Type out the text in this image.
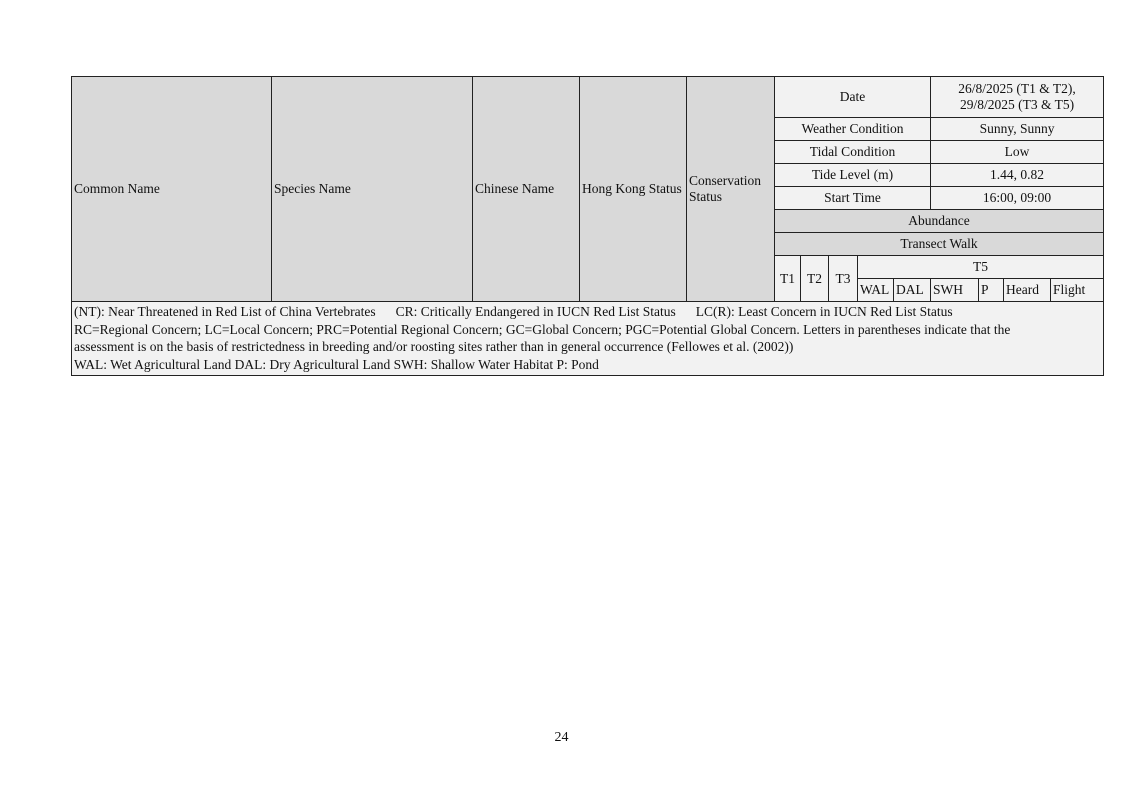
Common Name	Species Name	Chinese Name	Hong Kong Status	Conservation Status	Date					26/8/2025 (T1 & T2),
29/8/2025 (T3 & T5)			
					Weather Condition					Sunny, Sunny			
					Tidal Condition					Low			
					Tide Level (m)					1.44, 0.82			
					Start Time					16:00, 09:00			
					Abundance								
					Transect Walk								
					T1	T2	T3	T5					
								WAL	DAL	SWH	P	Heard	Flight

(NT): Near Threatened in Red List of China Vertebrates CR: Critically Endangered in IUCN Red List Status LC(R): Least Concern in IUCN Red List Status
RC=Regional Concern; LC=Local Concern; PRC=Potential Regional Concern; GC=Global Concern; PGC=Potential Global Concern. Letters in parentheses indicate that the
assessment is on the basis of restrictedness in breeding and/or roosting sites rather than in general occurrence (Fellowes et al. (2002))
WAL: Wet Agricultural Land DAL: Dry Agricultural Land SWH: Shallow Water Habitat P: Pond													
24
